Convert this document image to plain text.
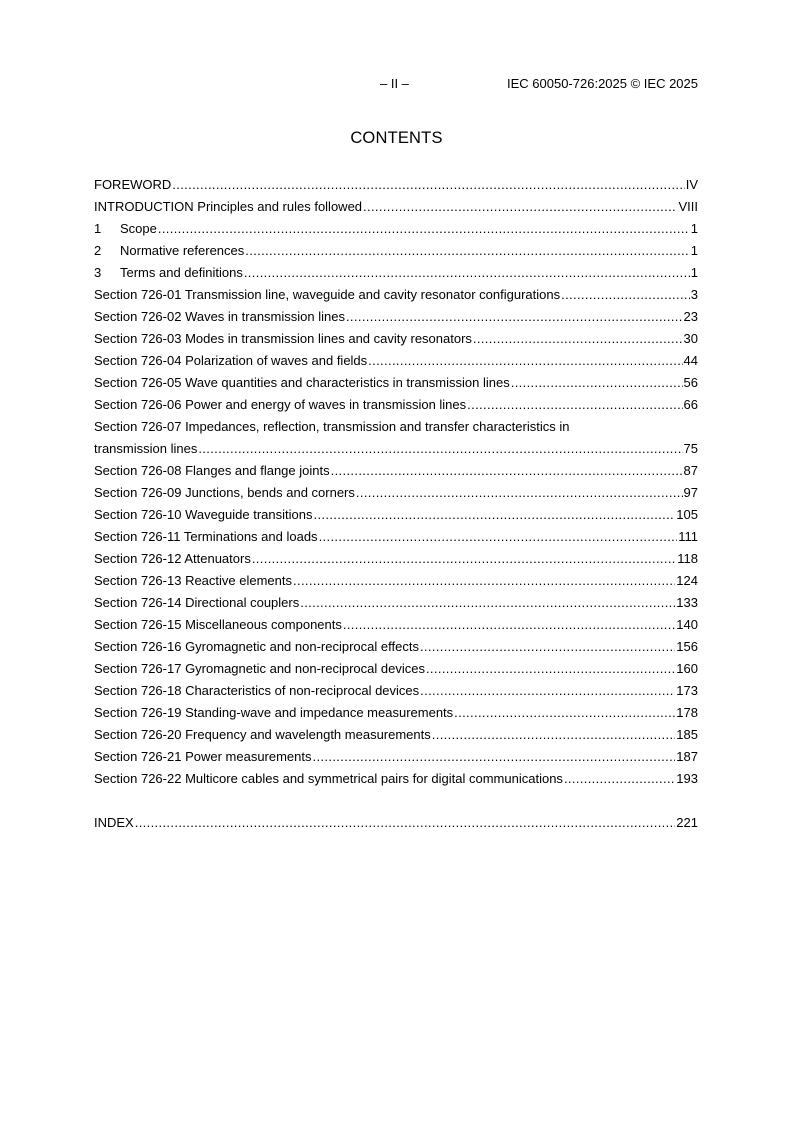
– II –	IEC 60050-726:2025 © IEC 2025
CONTENTS
FOREWORD .....	IV
INTRODUCTION Principles and rules followed .....	VIII
1 Scope .....	1
2 Normative references .....	1
3 Terms and definitions .....	1
Section 726-01 Transmission line, waveguide and cavity resonator configurations .....	3
Section 726-02 Waves in transmission lines .....	23
Section 726-03 Modes in transmission lines and cavity resonators .....	30
Section 726-04 Polarization of waves and fields .....	44
Section 726-05 Wave quantities and characteristics in transmission lines .....	56
Section 726-06 Power and energy of waves in transmission lines .....	66
Section 726-07 Impedances, reflection, transmission and transfer characteristics in
transmission lines .....	75
Section 726-08 Flanges and flange joints .....	87
Section 726-09 Junctions, bends and corners .....	97
Section 726-10 Waveguide transitions .....	105
Section 726-11 Terminations and loads .....	111
Section 726-12 Attenuators .....	118
Section 726-13 Reactive elements .....	124
Section 726-14 Directional couplers .....	133
Section 726-15 Miscellaneous components .....	140
Section 726-16 Gyromagnetic and non-reciprocal effects .....	156
Section 726-17 Gyromagnetic and non-reciprocal devices .....	160
Section 726-18 Characteristics of non-reciprocal devices .....	173
Section 726-19 Standing-wave and impedance measurements .....	178
Section 726-20 Frequency and wavelength measurements .....	185
Section 726-21 Power measurements .....	187
Section 726-22 Multicore cables and symmetrical pairs for digital communications .....	193
INDEX .....	221
